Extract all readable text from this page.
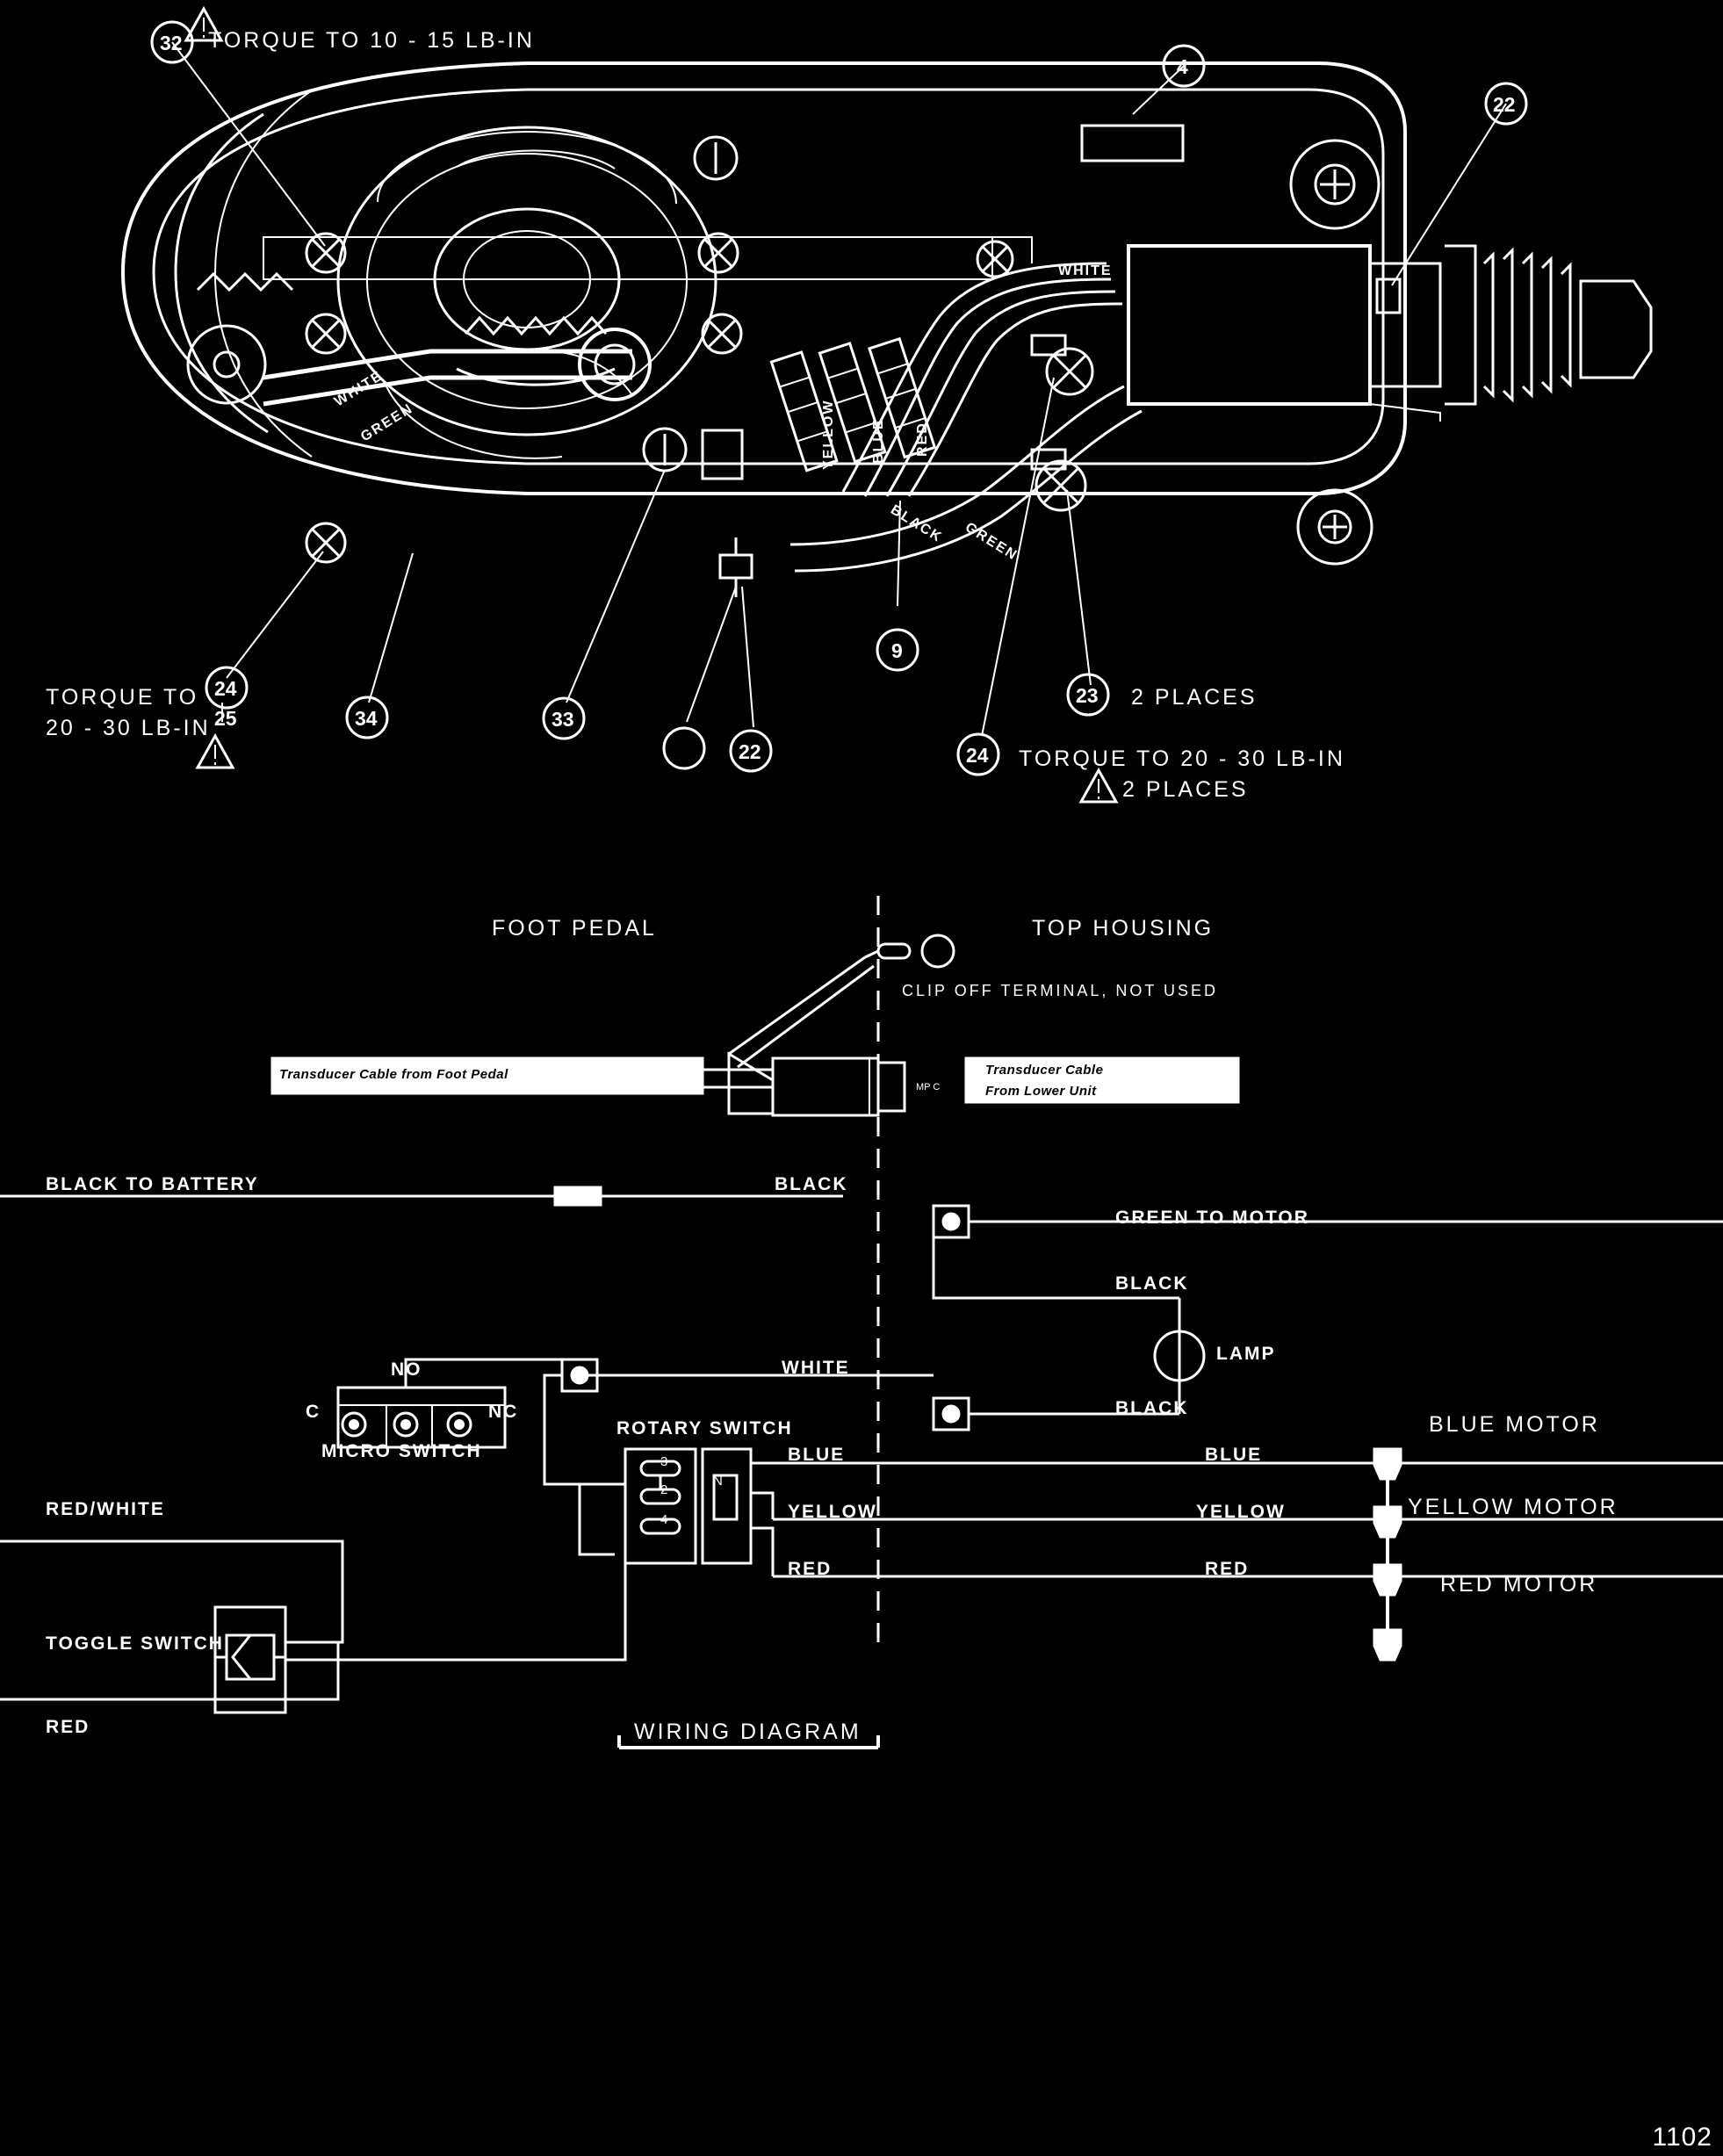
TORQUE TO 10 - 15 LB-IN
TORQUE TO
20 - 30 LB-IN
2 PLACES
TORQUE TO 20 - 30 LB-IN
2 PLACES
32
4
22
9
24
25	34	33
22
23
24
WHITE
YELLOW	BLUE RED
WHITE
GREEN
BLACK GREEN
FOOT PEDAL	TOP HOUSING
CLIP OFF TERMINAL, NOT USED
Transducer Cable from Foot Pedal	Transducer Cable
From Lower Unit
MP C
BLACK TO BATTERY	BLACK
GREEN TO MOTOR
BLACK
LAMP
WHITE
BLACK
NO
C	NC
MICRO SWITCH
ROTARY SWITCH	BLUE MOTOR
BLUE	BLUE
YELLOW MOTOR
YELLOW	YELLOW
RED MOTOR
RED	RED
RED/WHITE
TOGGLE SWITCH
RED
3
2
4
N
WIRING DIAGRAM
1102
